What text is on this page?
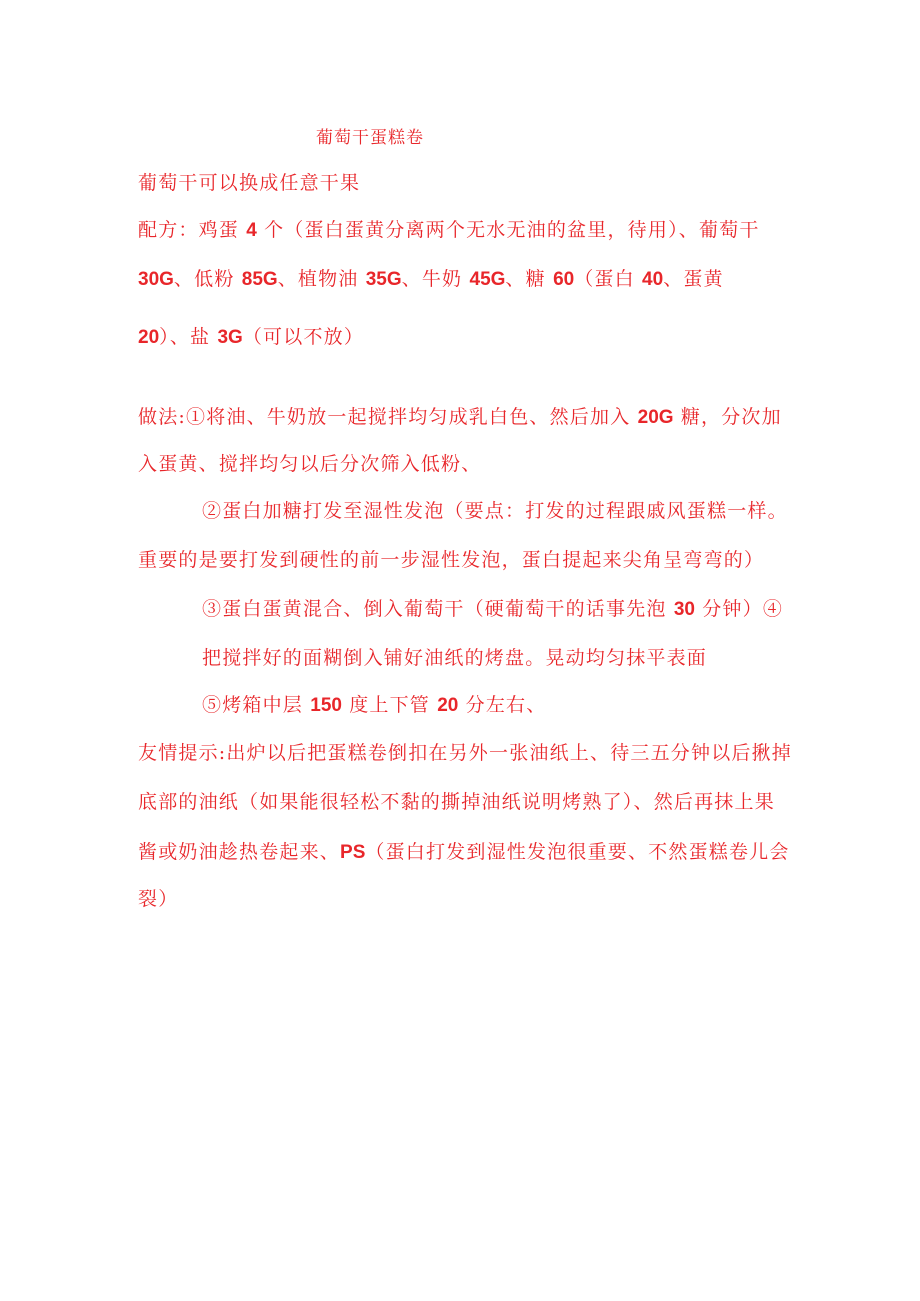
葡萄干蛋糕卷
葡萄干可以换成任意干果
配方：鸡蛋 4 个（蛋白蛋黄分离两个无水无油的盆里，待用）、葡萄干
30G、低粉 85G、植物油 35G、牛奶 45G、糖 60（蛋白 40、蛋黄
20）、盐 3G（可以不放）
做法:①将油、牛奶放一起搅拌均匀成乳白色、然后加入 20G 糖，分次加
入蛋黄、搅拌均匀以后分次筛入低粉、
②蛋白加糖打发至湿性发泡（要点：打发的过程跟戚风蛋糕一样。
重要的是要打发到硬性的前一步湿性发泡，蛋白提起来尖角呈弯弯的）
③蛋白蛋黄混合、倒入葡萄干（硬葡萄干的话事先泡 30 分钟）④
把搅拌好的面糊倒入铺好油纸的烤盘。晃动均匀抹平表面
⑤烤箱中层 150 度上下管 20 分左右、
友情提示:出炉以后把蛋糕卷倒扣在另外一张油纸上、待三五分钟以后揪掉
底部的油纸（如果能很轻松不黏的撕掉油纸说明烤熟了）、然后再抹上果
酱或奶油趁热卷起来、PS（蛋白打发到湿性发泡很重要、不然蛋糕卷儿会
裂）
